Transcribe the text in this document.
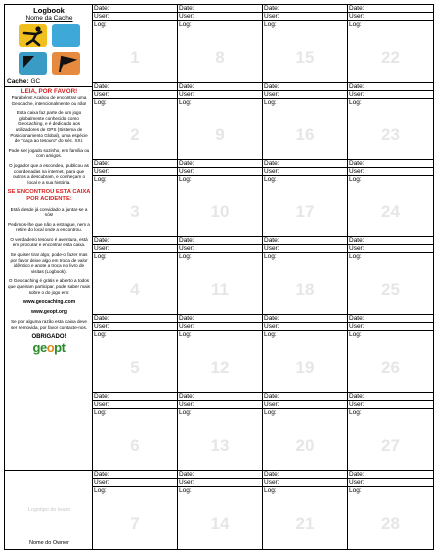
Logbook
Nome da Cache
Cache: GC
LEIA, POR FAVOR!

Parabéns! Acabou de encontrar uma Geocache, intencionalmente ou não!

Esta caixa faz parte de um jogo globalmente conhecido como Geocaching, e é dedicado aos utilizadores de GPS (Sistema de Posicionamento Global), uma espécie de "caça ao tesouro" do séc. XXI.

Pode ser jogado sozinho, em família ou com amigos.

O jogador que a escondeu, publicou as coordenadas na internet, para que outros a descubram, e conheçam o local e a sua história.

SE ENCONTROU ESTA CAIXA POR ACIDENTE:

Está desde já convidado a juntar-se a nós!

Pedimos-lhe que não a estrague, nem a retire do local onde a encontrou.

O verdadeiro tesouro é aventura, está em procurar e encontrar esta caixa.

Se quiser tirar algo, pode-o fazer mas por favor deixe algo em troca de valor idêntico e anote a troca no livro de visitas (Logbook).

O Geocaching é grátis e aberto a todos que queiram participar, pode saber mais sobre o do jogo em:

www.geocaching.com
www.geopt.org

Se por alguma razão esta caixa deve ser removida, por favor contacte-nos.

OBRIGADO!
geopt
Logotipo do team
Nome do Owner
Date:
User:
Log:
1
Date:
User:
Log:
8
Date:
User:
Log:
15
Date:
User:
Log:
22
Date:
User:
Log:
2
Date:
User:
Log:
9
Date:
User:
Log:
16
Date:
User:
Log:
23
Date:
User:
Log:
3
Date:
User:
Log:
10
Date:
User:
Log:
17
Date:
User:
Log:
24
Date:
User:
Log:
4
Date:
User:
Log:
11
Date:
User:
Log:
18
Date:
User:
Log:
25
Date:
User:
Log:
5
Date:
User:
Log:
12
Date:
User:
Log:
19
Date:
User:
Log:
26
Date:
User:
Log:
6
Date:
User:
Log:
13
Date:
User:
Log:
20
Date:
User:
Log:
27
Date:
User:
Log:
7
Date:
User:
Log:
14
Date:
User:
Log:
21
Date:
User:
Log:
28
